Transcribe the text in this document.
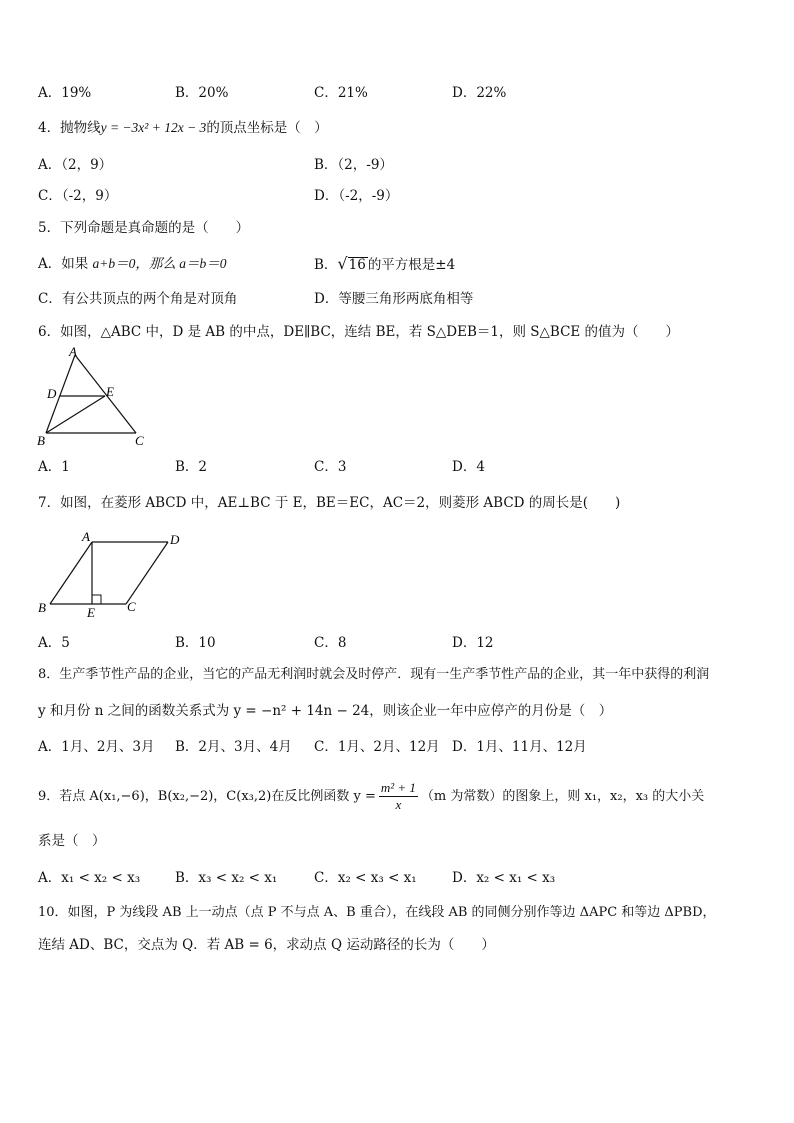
A．19%	B．20%	C．21%	D．22%
4．抛物线y = −3x² + 12x − 3的顶点坐标是（　）
A．（2，9）	B．（2，-9）
C．（-2，9）	D．（-2，-9）
5．下列命题是真命题的是（　　）
A．如果 a+b＝0，那么 a＝b＝0	B．√16 的平方根是±4
C．有公共顶点的两个角是对顶角	D．等腰三角形两底角相等
6．如图，△ABC 中，D 是 AB 的中点，DE∥BC，连结 BE，若 S△DEB＝1，则 S△BCE 的值为（　　）
A
D	E
B	C
A．1	B．2	C．3	D．4
7．如图，在菱形 ABCD 中，AE⊥BC 于 E，BE＝EC，AC＝2，则菱形 ABCD 的周长是(　　)
A	D
B	E C
A．5	B．10	C．8	D．12
8．生产季节性产品的企业，当它的产品无利润时就会及时停产．现有一生产季节性产品的企业，其一年中获得的利润
y 和月份 n 之间的函数关系式为 y = −n² + 14n − 24，则该企业一年中应停产的月份是（　）
A．1月、2月、3月 B．2月、3月、4月 C．1月、2月、12月 D．1月、11月、12月
9．若点 A(x₁,−6)，B(x₂,−2)，C(x₃,2)在反比例函数 $y = \frac{\text{m² + 1}}{x} (m$ 为常数）的图象上，则 x₁，x₂，x₃ 的大小关
系是（　）
A．x₁ < x₂ < x₃	B．x₃ < x₂ < x₁	C．x₂ < x₃ < x₁	D．x₂ < x₁ < x₃
10．如图，P 为线段 AB 上一动点（点 P 不与点 A、B 重合），在线段 AB 的同侧分别作等边 ΔAPC 和等边 ΔPBD，
连结 AD、BC，交点为 Q．若 AB = 6，求动点 Q 运动路径的长为（　　）
